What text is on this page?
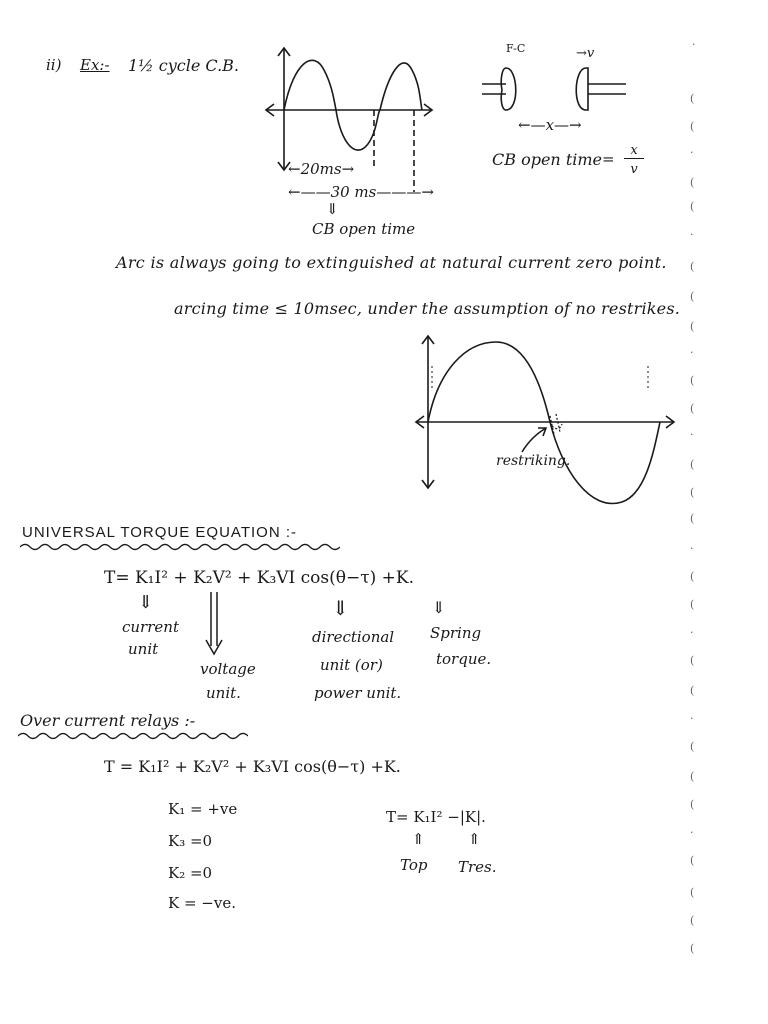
ii) Ex:- 1½ cycle C.B.
←20ms→
←——30 ms———→
⇓
CB open time
F-C	→v
←—x—→
CB open time =	x
v
Arc is always going to extinguished at natural current zero point.
arcing time ≤ 10msec, under the assumption of no restrikes.
restriking.
UNIVERSAL TORQUE EQUATION :-
T= K₁I² + K₂V² + K₃VI cos(θ−τ) +K.
⇓
current
unit
voltage
unit.
⇓
directional
unit (or)
power unit.
⇓
Spring
torque.
Over current relays :-
T = K₁I² + K₂V² + K₃VI cos(θ−τ) +K.
K₁ = +ve
K₃ =0
K₂ =0
K = −ve.
T= K₁I² −|K|.
⇑	⇑
Top Tres.
·
(
(
·
(
(
·
(
(
(
·
(
(
·
(
(
(
·
(
(
·
(
(
·
(
(
(
·
(
(
(
(
